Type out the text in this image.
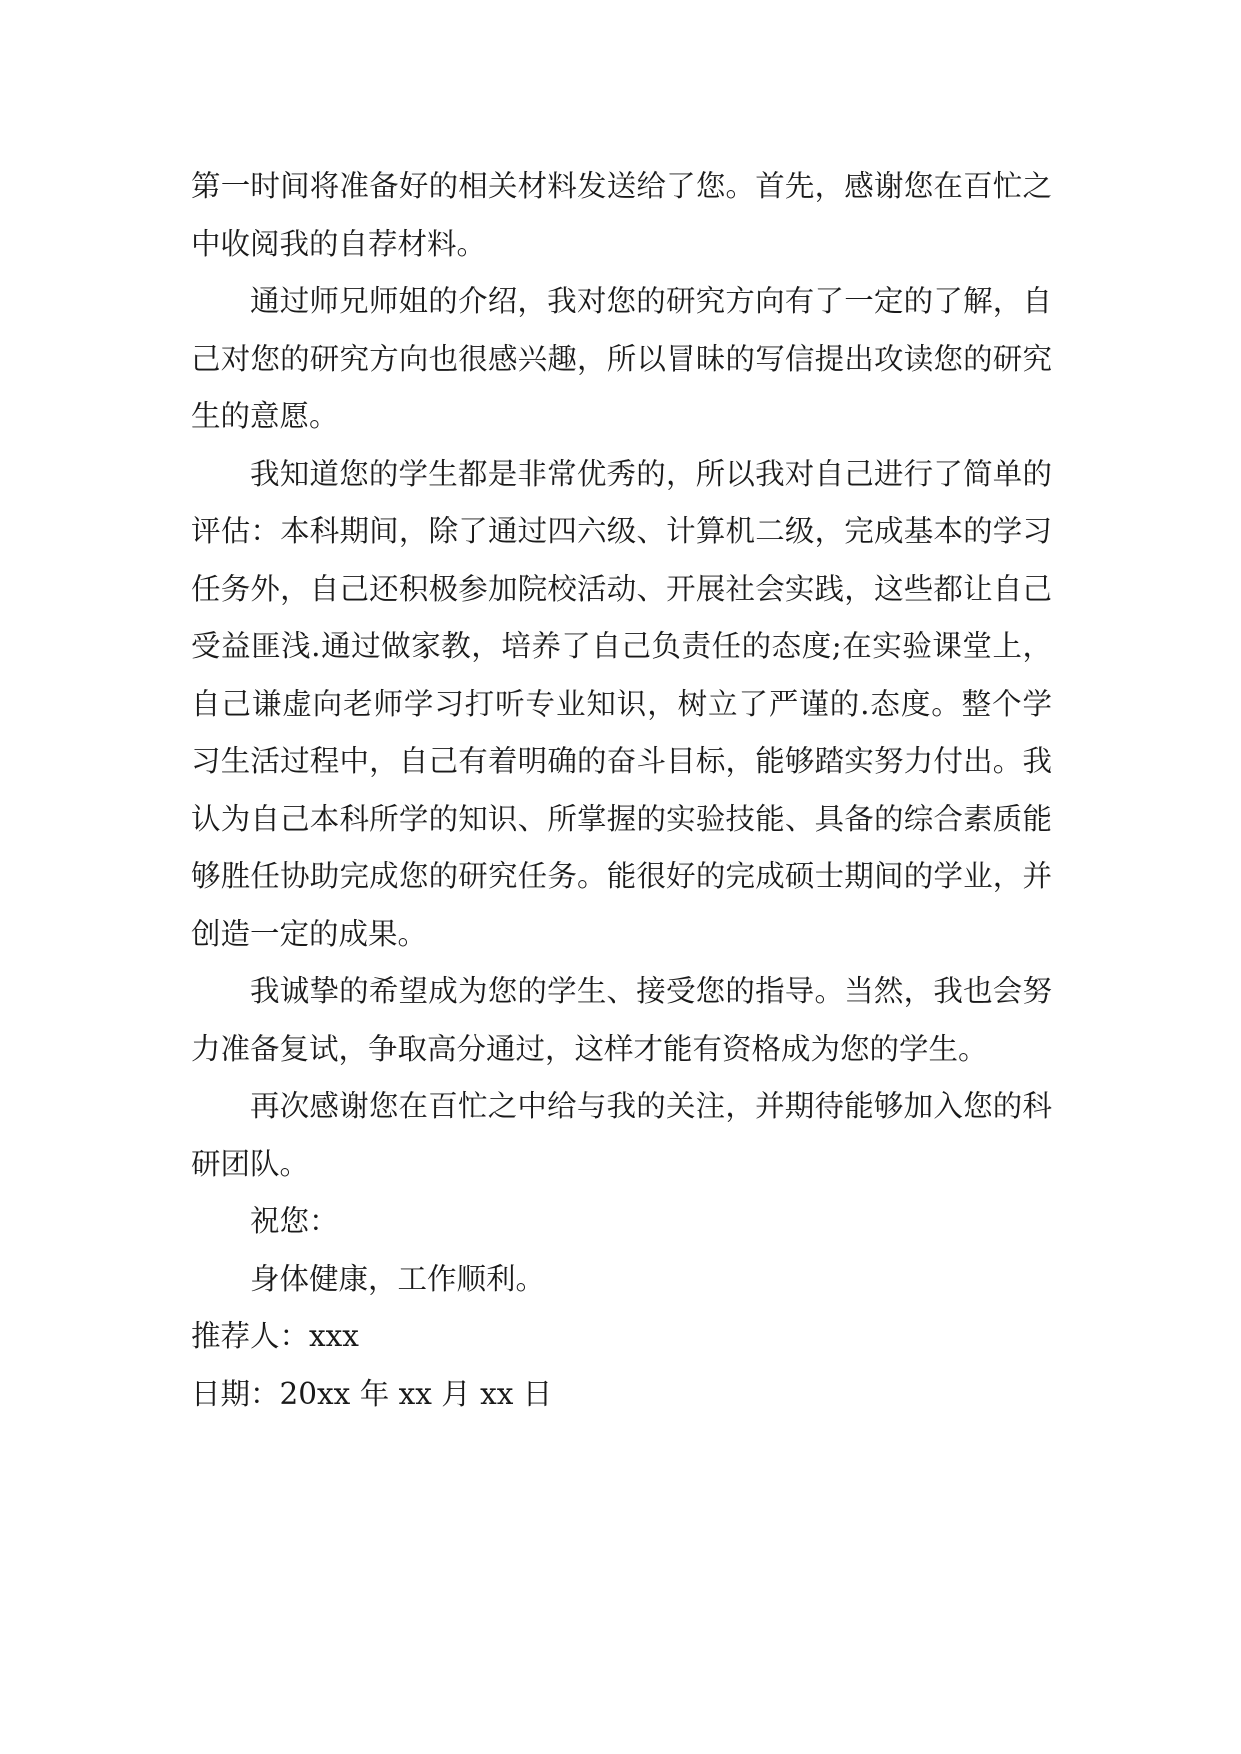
第一时间将准备好的相关材料发送给了您。首先，感谢您在百忙之中收阅我的自荐材料。

通过师兄师姐的介绍，我对您的研究方向有了一定的了解，自己对您的研究方向也很感兴趣，所以冒昧的写信提出攻读您的研究生的意愿。

我知道您的学生都是非常优秀的，所以我对自己进行了简单的评估：本科期间，除了通过四六级、计算机二级，完成基本的学习任务外，自己还积极参加院校活动、开展社会实践，这些都让自己受益匪浅.通过做家教，培养了自己负责任的态度;在实验课堂上，自己谦虚向老师学习打听专业知识，树立了严谨的.态度。整个学习生活过程中，自己有着明确的奋斗目标，能够踏实努力付出。我认为自己本科所学的知识、所掌握的实验技能、具备的综合素质能够胜任协助完成您的研究任务。能很好的完成硕士期间的学业，并创造一定的成果。

我诚挚的希望成为您的学生、接受您的指导。当然，我也会努力准备复试，争取高分通过，这样才能有资格成为您的学生。

再次感谢您在百忙之中给与我的关注，并期待能够加入您的科研团队。

祝您：

身体健康，工作顺利。

推荐人：xxx

日期：20xx 年 xx 月 xx 日
